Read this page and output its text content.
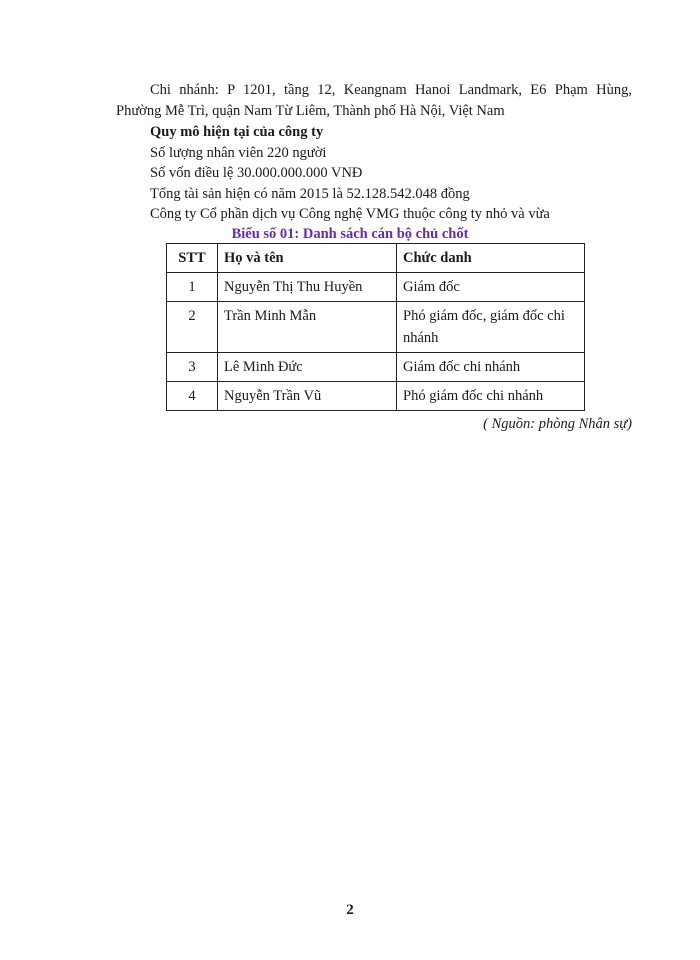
Chi nhánh: P 1201, tầng 12, Keangnam Hanoi Landmark, E6 Phạm Hùng,
Phường Mễ Trì, quận Nam Từ Liêm, Thành phố Hà Nội, Việt Nam
Quy mô hiện tại của công ty
Số lượng nhân viên 220 người
Số vốn điều lệ 30.000.000.000 VNĐ
Tổng tài sản hiện có năm 2015 là 52.128.542.048 đồng
Công ty Cổ phần dịch vụ Công nghệ VMG thuộc công ty nhỏ và vừa
Biểu số 01: Danh sách cán bộ chủ chốt
STT	Họ và tên	Chức danh
1	Nguyễn Thị Thu Huyền	Giám đốc
2	Trần Minh Mẫn	Phó giám đốc, giám đốc chi nhánh
3	Lê Minh Đức	Giám đốc chi nhánh
4	Nguyễn Trần Vũ	Phó giám đốc chi nhánh
( Nguồn: phòng Nhân sự)
2
